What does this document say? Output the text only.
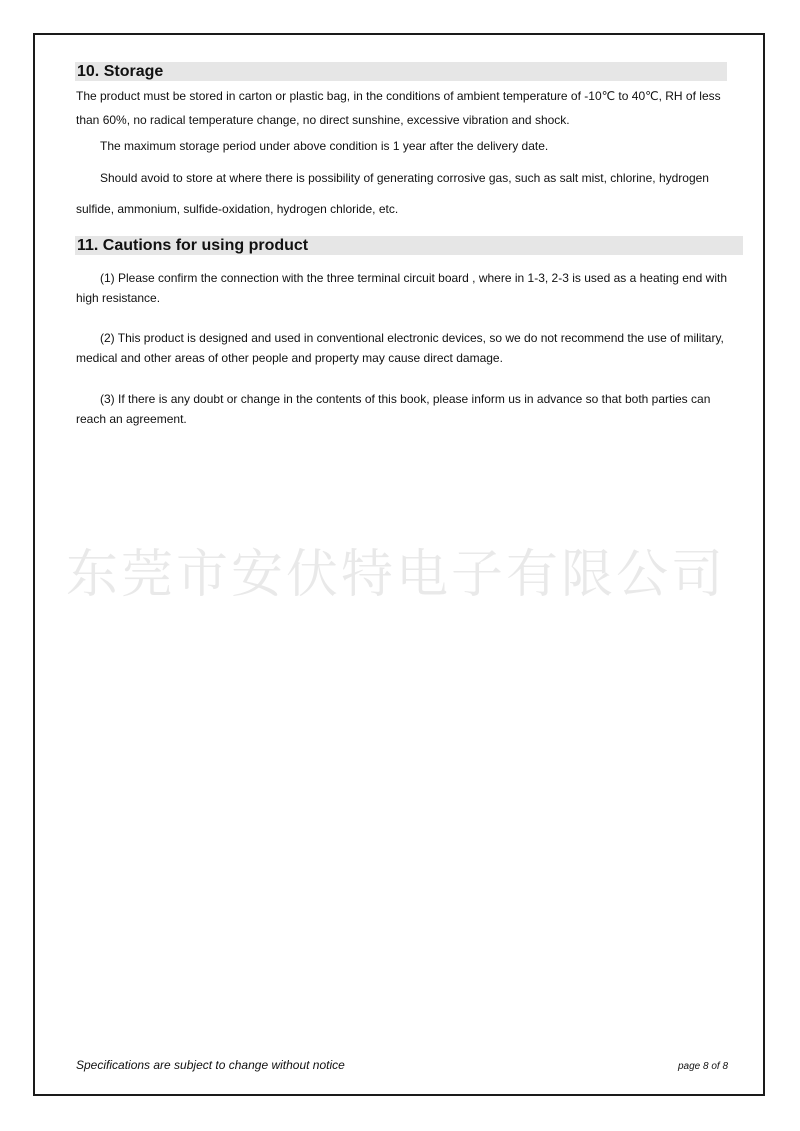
10. Storage
The product must be stored in carton or plastic bag, in the conditions of ambient temperature of -10℃ to 40℃, RH of less
than 60%, no radical temperature change, no direct sunshine, excessive vibration and shock.
The maximum storage period under above condition is 1 year after the delivery date.
Should avoid to store at where there is possibility of generating corrosive gas, such as salt mist, chlorine, hydrogen
sulfide, ammonium, sulfide-oxidation, hydrogen chloride, etc.
11. Cautions for using product
(1) Please confirm the connection with the three terminal circuit board , where in 1-3, 2-3 is used as a heating end with
high resistance.
(2) This product is designed and used in conventional electronic devices, so we do not recommend the use of military,
medical and other areas of other people and property may cause direct damage.
(3) If there is any doubt or change in the contents of this book, please inform us in advance so that both parties can
reach an agreement.
东莞市安伏特电子有限公司
Specifications are subject to change without notice	page 8 of 8
